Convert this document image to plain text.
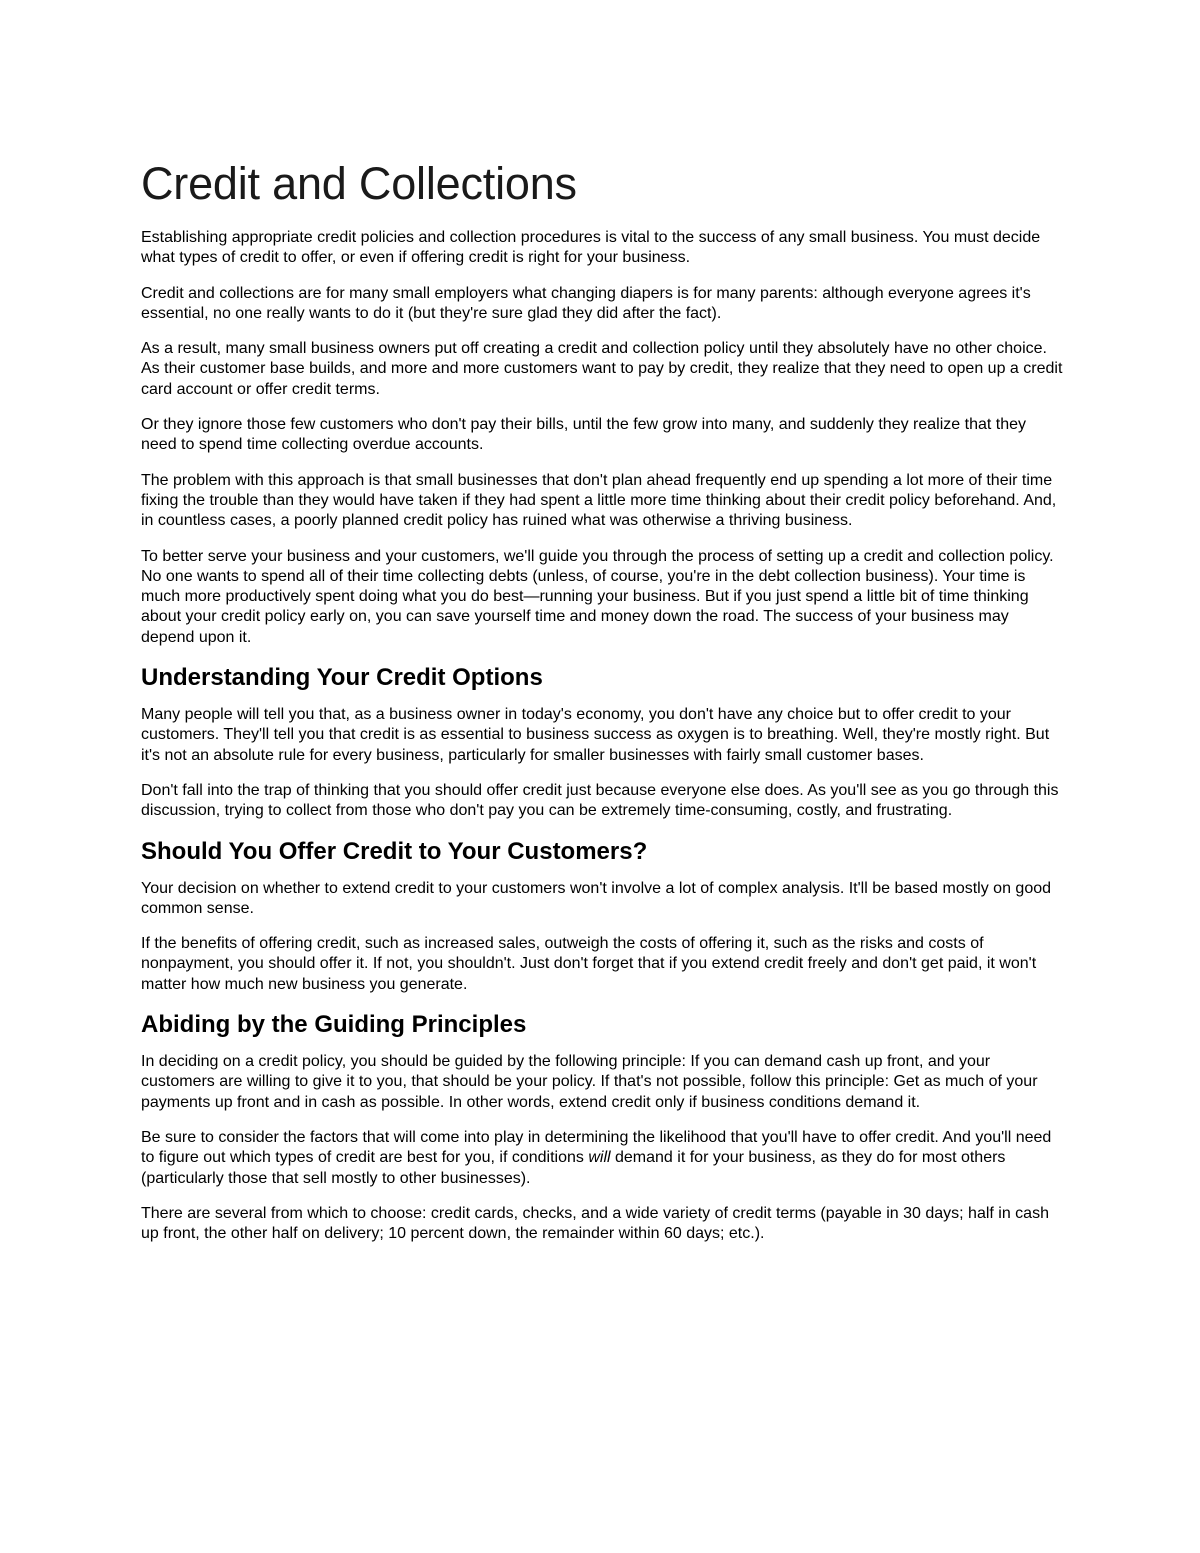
Credit and Collections

Establishing appropriate credit policies and collection procedures is vital to the success of any small business. You must decide what types of credit to offer, or even if offering credit is right for your business.

Credit and collections are for many small employers what changing diapers is for many parents: although everyone agrees it's essential, no one really wants to do it (but they're sure glad they did after the fact).

As a result, many small business owners put off creating a credit and collection policy until they absolutely have no other choice. As their customer base builds, and more and more customers want to pay by credit, they realize that they need to open up a credit card account or offer credit terms.

Or they ignore those few customers who don't pay their bills, until the few grow into many, and suddenly they realize that they need to spend time collecting overdue accounts.

The problem with this approach is that small businesses that don't plan ahead frequently end up spending a lot more of their time fixing the trouble than they would have taken if they had spent a little more time thinking about their credit policy beforehand. And, in countless cases, a poorly planned credit policy has ruined what was otherwise a thriving business.

To better serve your business and your customers, we'll guide you through the process of setting up a credit and collection policy. No one wants to spend all of their time collecting debts (unless, of course, you're in the debt collection business). Your time is much more productively spent doing what you do best—running your business. But if you just spend a little bit of time thinking about your credit policy early on, you can save yourself time and money down the road. The success of your business may depend upon it.

Understanding Your Credit Options

Many people will tell you that, as a business owner in today's economy, you don't have any choice but to offer credit to your customers. They'll tell you that credit is as essential to business success as oxygen is to breathing. Well, they're mostly right. But it's not an absolute rule for every business, particularly for smaller businesses with fairly small customer bases.

Don't fall into the trap of thinking that you should offer credit just because everyone else does. As you'll see as you go through this discussion, trying to collect from those who don't pay you can be extremely time-consuming, costly, and frustrating.

Should You Offer Credit to Your Customers?

Your decision on whether to extend credit to your customers won't involve a lot of complex analysis. It'll be based mostly on good common sense.

If the benefits of offering credit, such as increased sales, outweigh the costs of offering it, such as the risks and costs of nonpayment, you should offer it. If not, you shouldn't. Just don't forget that if you extend credit freely and don't get paid, it won't matter how much new business you generate.

Abiding by the Guiding Principles

In deciding on a credit policy, you should be guided by the following principle: If you can demand cash up front, and your customers are willing to give it to you, that should be your policy. If that's not possible, follow this principle: Get as much of your payments up front and in cash as possible. In other words, extend credit only if business conditions demand it.

Be sure to consider the factors that will come into play in determining the likelihood that you'll have to offer credit. And you'll need to figure out which types of credit are best for you, if conditions will demand it for your business, as they do for most others (particularly those that sell mostly to other businesses).

There are several from which to choose: credit cards, checks, and a wide variety of credit terms (payable in 30 days; half in cash up front, the other half on delivery; 10 percent down, the remainder within 60 days; etc.).
